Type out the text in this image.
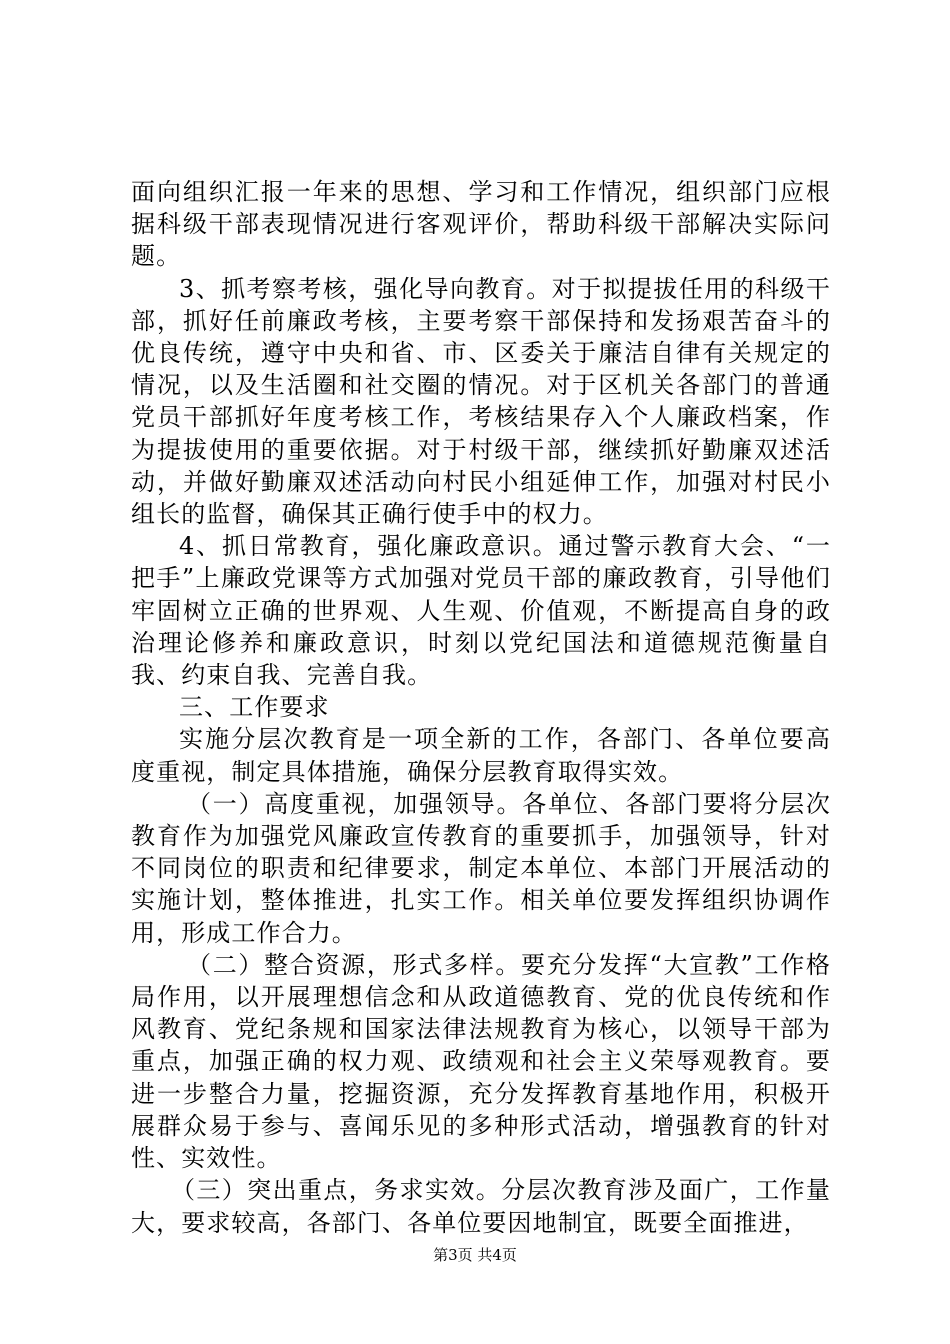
面向组织汇报一年来的思想、学习和工作情况，组织部门应根据科级干部表现情况进行客观评价，帮助科级干部解决实际问题。

3、抓考察考核，强化导向教育。对于拟提拔任用的科级干部，抓好任前廉政考核，主要考察干部保持和发扬艰苦奋斗的优良传统，遵守中央和省、市、区委关于廉洁自律有关规定的情况，以及生活圈和社交圈的情况。对于区机关各部门的普通党员干部抓好年度考核工作，考核结果存入个人廉政档案，作为提拔使用的重要依据。对于村级干部，继续抓好勤廉双述活动，并做好勤廉双述活动向村民小组延伸工作，加强对村民小组长的监督，确保其正确行使手中的权力。

4、抓日常教育，强化廉政意识。通过警示教育大会、“一把手”上廉政党课等方式加强对党员干部的廉政教育，引导他们牢固树立正确的世界观、人生观、价值观，不断提高自身的政治理论修养和廉政意识，时刻以党纪国法和道德规范衡量自我、约束自我、完善自我。

三、工作要求

实施分层次教育是一项全新的工作，各部门、各单位要高度重视，制定具体措施，确保分层教育取得实效。

（一）高度重视，加强领导。各单位、各部门要将分层次教育作为加强党风廉政宣传教育的重要抓手，加强领导，针对不同岗位的职责和纪律要求，制定本单位、本部门开展活动的实施计划，整体推进，扎实工作。相关单位要发挥组织协调作用，形成工作合力。

（二）整合资源，形式多样。要充分发挥“大宣教”工作格局作用，以开展理想信念和从政道德教育、党的优良传统和作风教育、党纪条规和国家法律法规教育为核心，以领导干部为重点，加强正确的权力观、政绩观和社会主义荣辱观教育。要进一步整合力量，挖掘资源，充分发挥教育基地作用，积极开展群众易于参与、喜闻乐见的多种形式活动，增强教育的针对性、实效性。

（三）突出重点，务求实效。分层次教育涉及面广，工作量大，要求较高，各部门、各单位要因地制宜，既要全面推进，

第3页 共4页
